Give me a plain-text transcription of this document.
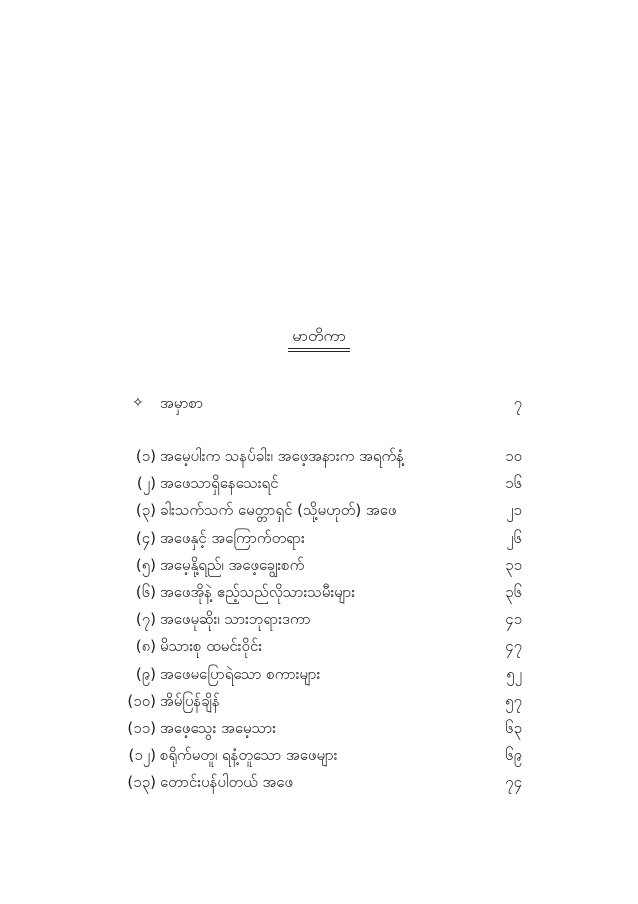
မာတိကာ
✧ အမှာစာ	၇
(၁) အမေ့ပါးက သနပ်ခါး၊ အဖေ့အနားက အရက်နံ့	၁၀
(၂) အဖေသာရှိနေသေးရင်	၁၆
(၃) ခါးသက်သက် မေတ္တာရှင် (သို့မဟုတ်) အဖေ	၂၁
(၄) အဖေနှင့် အကြောက်တရား	၂၆
(၅) အမေ့နို့ရည်၊ အဖေ့ချွေးစက်	၃၁
(၆) အဖေအိုနဲ့ ဧည့်သည်လိုသားသမီးများ	၃၆
(၇) အဖေမုဆိုး၊ သားဘုရားဒကာ	၄၁
(၈) မိသားစု ထမင်းဝိုင်း	၄၇
(၉) အဖေမပြောရဲသော စကားများ	၅၂
(၁၀) အိမ်ပြန်ချိန်	၅၇
(၁၁) အဖေ့သွေး အမေ့သား	၆၃
(၁၂) စရိုက်မတူ၊ ရနံ့တူသော အဖေများ	၆၉
(၁၃) တောင်းပန်ပါတယ် အဖေ	၇၄
